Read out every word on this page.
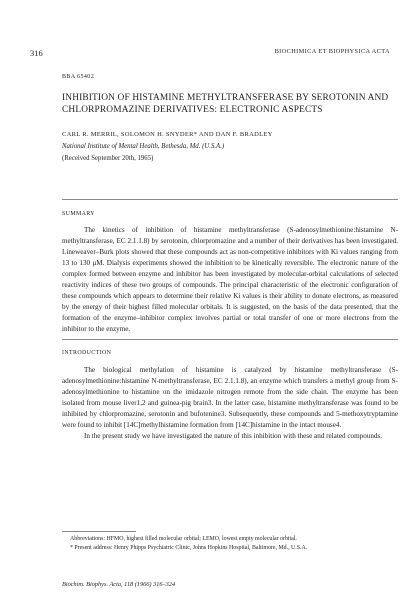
316	BIOCHIMICA ET BIOPHYSICA ACTA
BBA 65402
INHIBITION OF HISTAMINE METHYLTRANSFERASE BY SEROTONIN AND CHLORPROMAZINE DERIVATIVES: ELECTRONIC ASPECTS
CARL R. MERRIL, SOLOMON H. SNYDER* AND DAN F. BRADLEY
National Institute of Mental Health, Bethesda, Md. (U.S.A.)
(Received September 20th, 1965)
SUMMARY

The kinetics of inhibition of histamine methyltransferase (S-adenosylmethionine:histamine N-methyltransferase, EC 2.1.1.8) by serotonin, chlorpromazine and a number of their derivatives has been investigated. Lineweaver–Burk plots showed that these compounds act as non-competitive inhibitors with Ki values ranging from 13 to 130 μM. Dialysis experiments showed the inhibition to be kinetically reversible. The electronic nature of the complex formed between enzyme and inhibitor has been investigated by molecular-orbital calculations of selected reactivity indices of these two groups of compounds. The principal characteristic of the electronic configuration of these compounds which appears to determine their relative Ki values is their ability to donate electrons, as measured by the energy of their highest filled molecular orbitals. It is suggested, on the basis of the data presented, that the formation of the enzyme–inhibitor complex involves partial or total transfer of one or more electrons from the inhibitor to the enzyme.

INTRODUCTION

The biological methylation of histamine is catalyzed by histamine methyltransferase (S-adenosylmethionine:histamine N-methyltransferase, EC 2.1.1.8), an enzyme which transfers a methyl group from S-adenosylmethionine to histamine on the imidazole nitrogen remote from the side chain. The enzyme has been isolated from mouse liver1,2 and guinea-pig brain3. In the latter case, histamine methyltransferase was found to be inhibited by chlorpromazine, serotonin and bufotenine3. Subsequently, these compounds and 5-methoxytryptamine were found to inhibit [14C]methylhistamine formation from [14C]histamine in the intact mouse4.

In the present study we have investigated the nature of this inhibition with these and related compounds.

Abbreviations: HFMO, highest filled molecular orbital; LEMO, lowest empty molecular orbital.

* Present address: Henry Phipps Psychiatric Clinic, Johns Hopkins Hospital, Baltimore, Md., U.S.A.

Biochim. Biophys. Acta, 118 (1966) 316–324
